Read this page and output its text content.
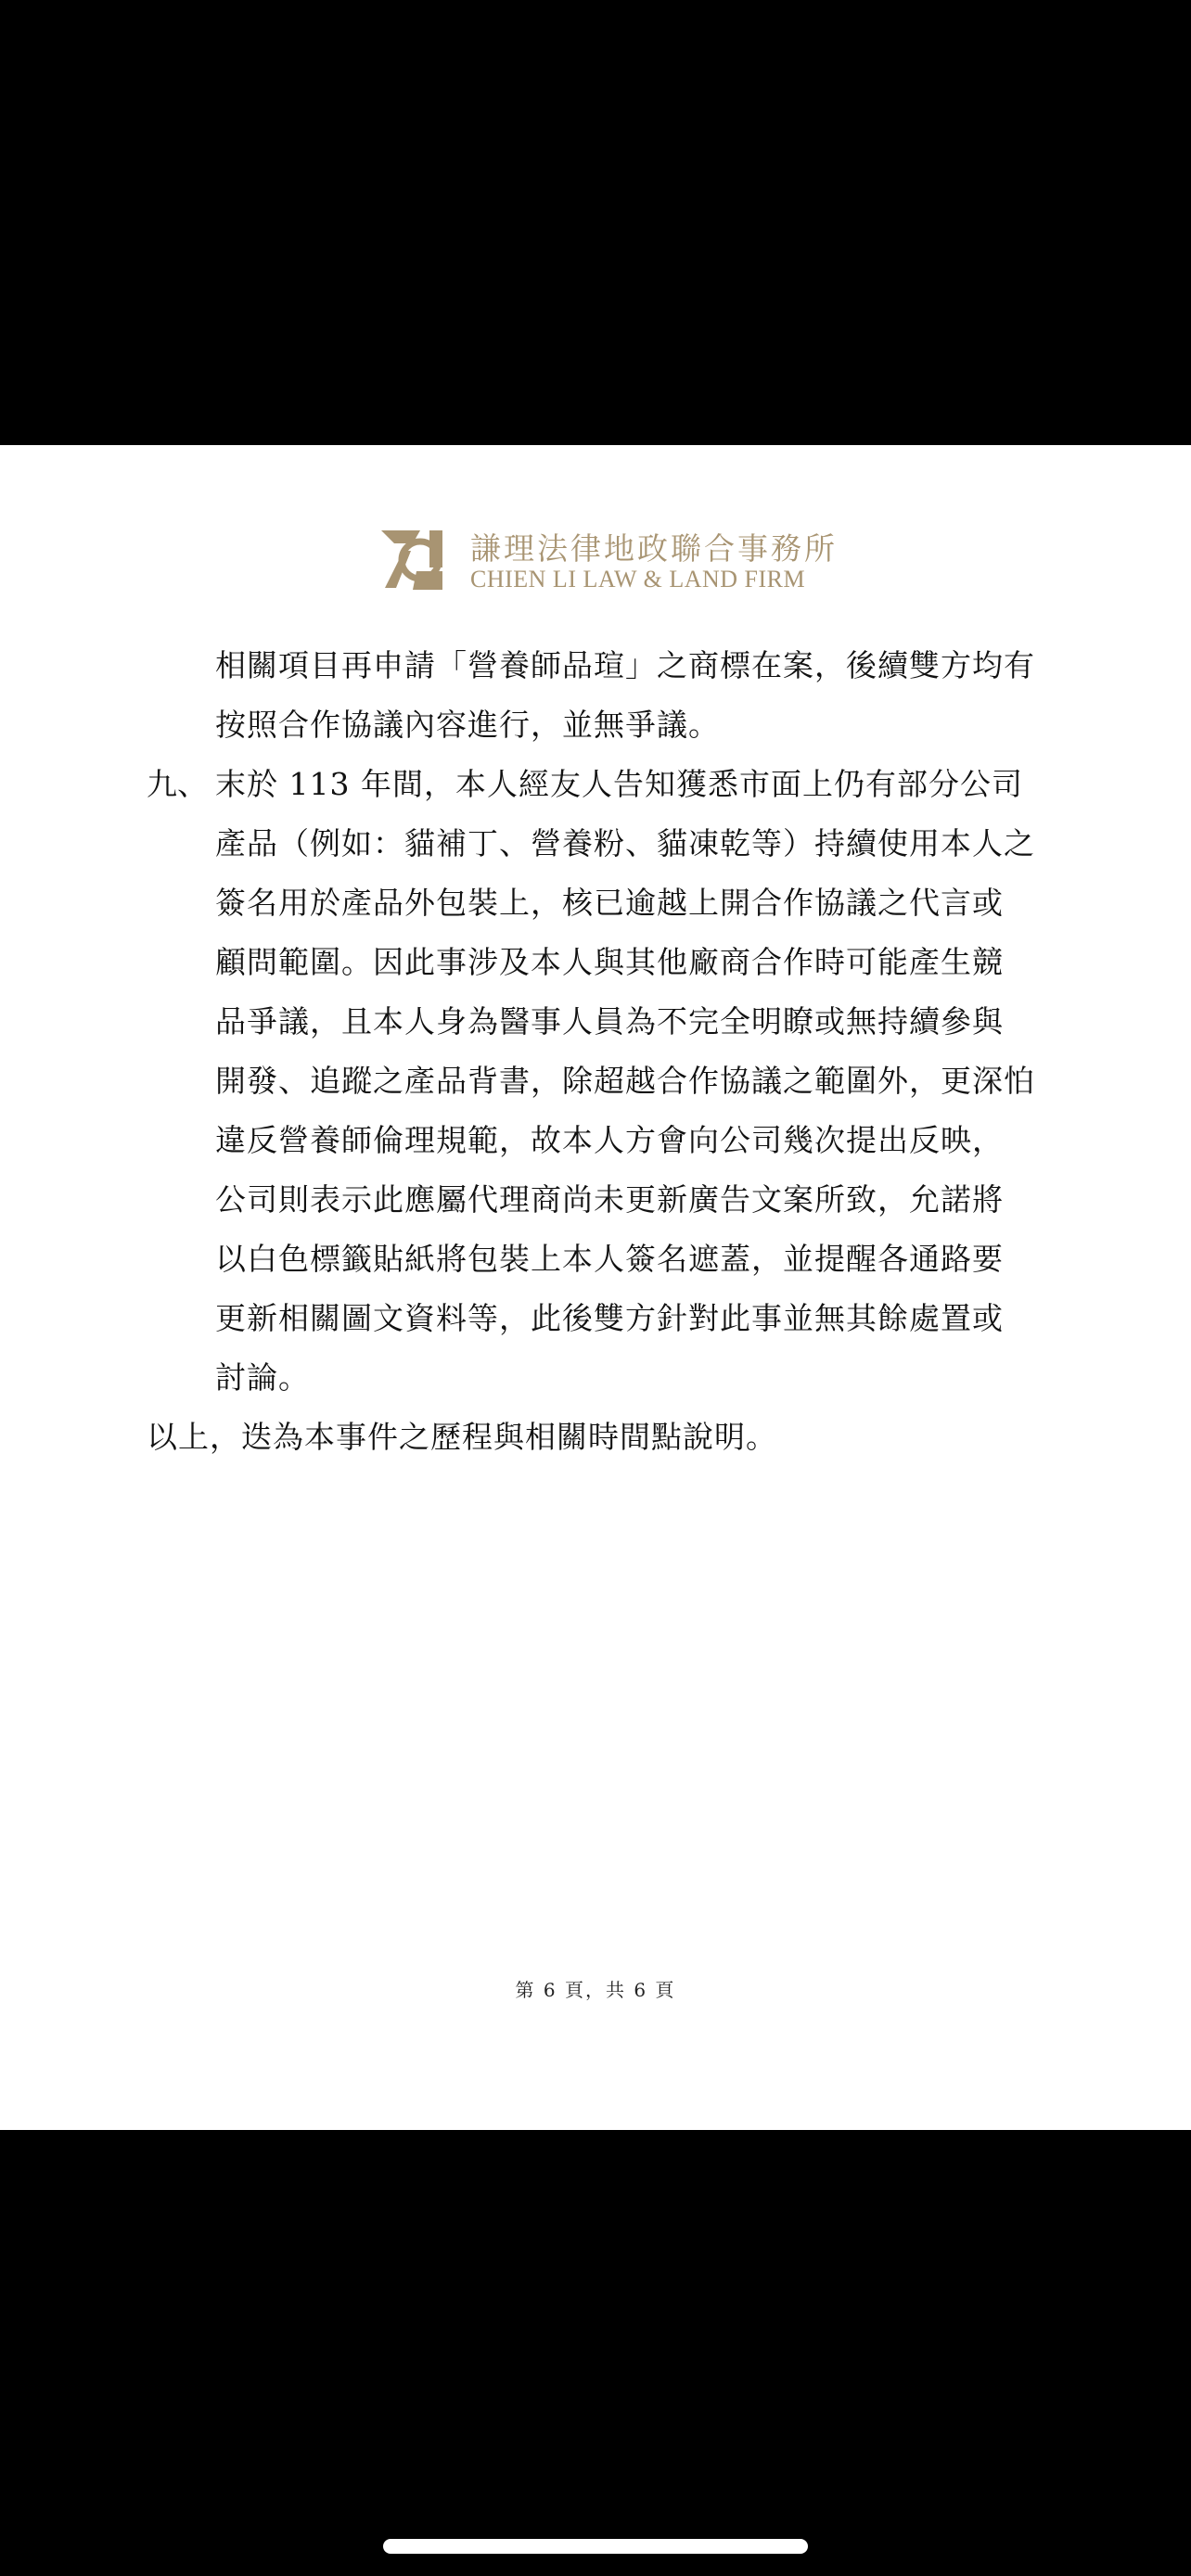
謙理法律地政聯合事務所
CHIEN LI LAW & LAND FIRM
相關項目再申請「營養師品瑄」之商標在案，後續雙方均有
按照合作協議內容進行，並無爭議。
九、 末於 113 年間，本人經友人告知獲悉市面上仍有部分公司
產品（例如：貓補丁、營養粉、貓凍乾等）持續使用本人之
簽名用於產品外包裝上，核已逾越上開合作協議之代言或
顧問範圍。因此事涉及本人與其他廠商合作時可能產生競
品爭議，且本人身為醫事人員為不完全明瞭或無持續參與
開發、追蹤之產品背書，除超越合作協議之範圍外，更深怕
違反營養師倫理規範，故本人方會向公司幾次提出反映，
公司則表示此應屬代理商尚未更新廣告文案所致，允諾將
以白色標籤貼紙將包裝上本人簽名遮蓋，並提醒各通路要
更新相關圖文資料等，此後雙方針對此事並無其餘處置或
討論。
以上，迭為本事件之歷程與相關時間點說明。
第 6 頁，共 6 頁
